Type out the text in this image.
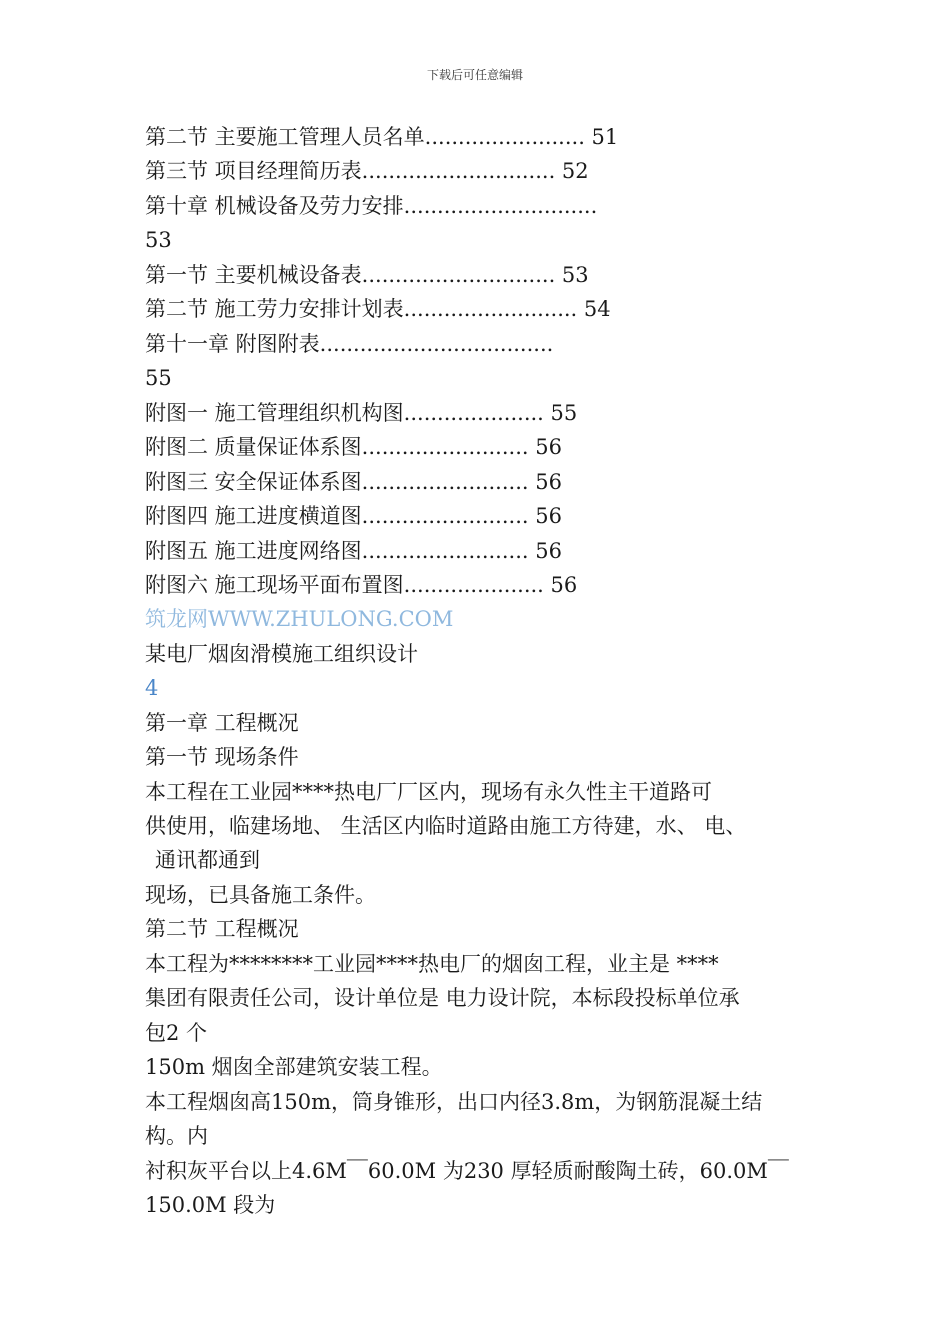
下载后可任意编辑
第二节 主要施工管理人员名单........................ 51
第三节 项目经理简历表............................. 52
第十章 机械设备及劳力安排.............................
53
第一节 主要机械设备表............................. 53
第二节 施工劳力安排计划表.......................... 54
第十一章 附图附表...................................
55
附图一 施工管理组织机构图..................... 55
附图二 质量保证体系图......................... 56
附图三 安全保证体系图......................... 56
附图四 施工进度横道图......................... 56
附图五 施工进度网络图......................... 56
附图六 施工现场平面布置图..................... 56
筑龙网WWW.ZHULONG.COM
某电厂烟囱滑模施工组织设计
4
第一章 工程概况
第一节 现场条件
本工程在工业园****热电厂厂区内，现场有永久性主干道路可
供使用，临建场地、 生活区内临时道路由施工方待建，水、 电、
通讯都通到
现场，已具备施工条件。
第二节 工程概况
本工程为********工业园****热电厂的烟囱工程，业主是 ****
集团有限责任公司，设计单位是 电力设计院，本标段投标单位承
包2 个
150m 烟囱全部建筑安装工程。
本工程烟囱高150m，筒身锥形，出口内径3.8m，为钢筋混凝土结
构。内
衬积灰平台以上4.6M￣60.0M 为230 厚轻质耐酸陶土砖，60.0M￣
150.0M 段为
